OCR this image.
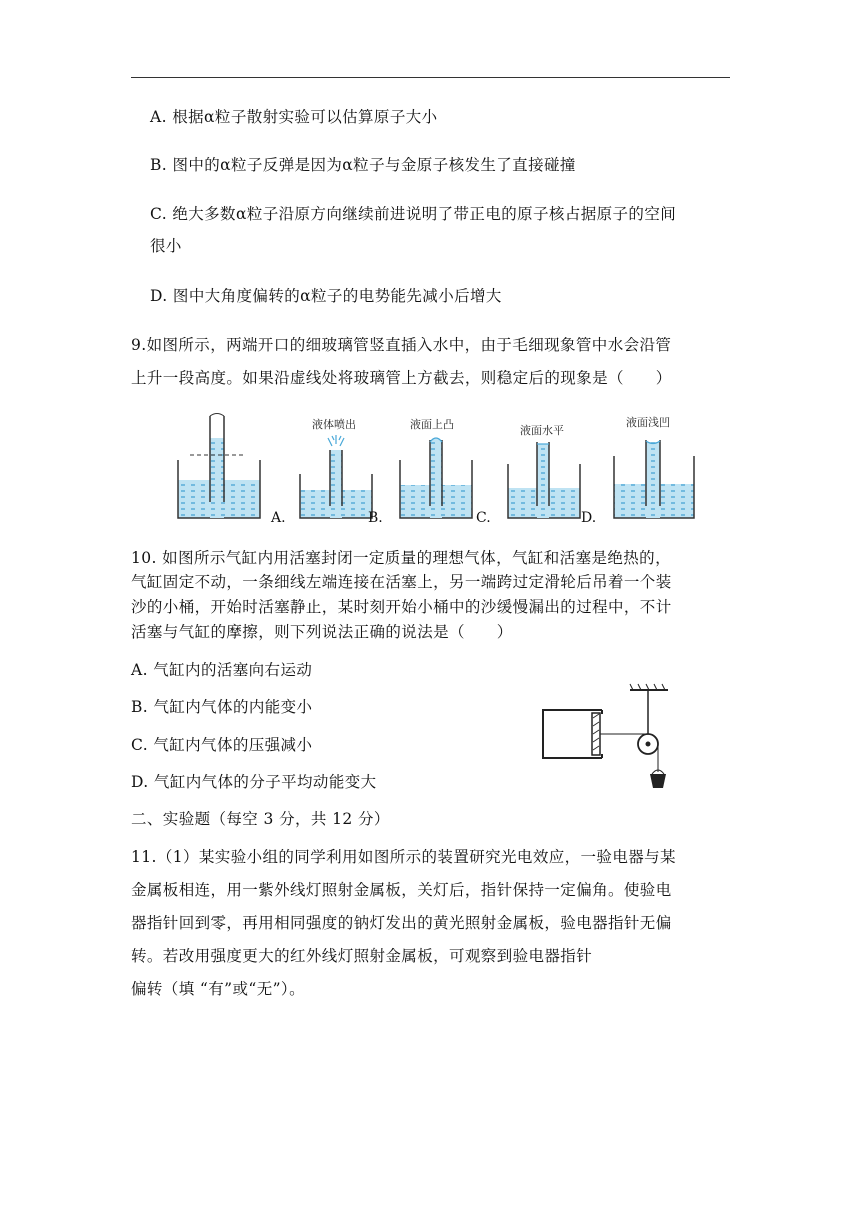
A. 根据α粒子散射实验可以估算原子大小
B. 图中的α粒子反弹是因为α粒子与金原子核发生了直接碰撞
C. 绝大多数α粒子沿原方向继续前进说明了带正电的原子核占据原子的空间
很小
D. 图中大角度偏转的α粒子的电势能先减小后增大
9.如图所示，两端开口的细玻璃管竖直插入水中，由于毛细现象管中水会沿管
上升一段高度。如果沿虚线处将玻璃管上方截去，则稳定后的现象是（　　）
液体喷出	液面上凸	液面水平
液面浅凹
A.	B.	C.	D.
10. 如图所示气缸内用活塞封闭一定质量的理想气体，气缸和活塞是绝热的，
气缸固定不动，一条细线左端连接在活塞上，另一端跨过定滑轮后吊着一个装
沙的小桶，开始时活塞静止，某时刻开始小桶中的沙缓慢漏出的过程中，不计
活塞与气缸的摩擦，则下列说法正确的说法是（　　）
A. 气缸内的活塞向右运动
B. 气缸内气体的内能变小
C. 气缸内气体的压强减小
D. 气缸内气体的分子平均动能变大
二、实验题（每空 3 分，共 12 分）
11.（1）某实验小组的同学利用如图所示的装置研究光电效应，一验电器与某
金属板相连，用一紫外线灯照射金属板，关灯后，指针保持一定偏角。使验电
器指针回到零，再用相同强度的钠灯发出的黄光照射金属板，验电器指针无偏
转。若改用强度更大的红外线灯照射金属板，可观察到验电器指针
偏转（填 “有”或“无”）。
